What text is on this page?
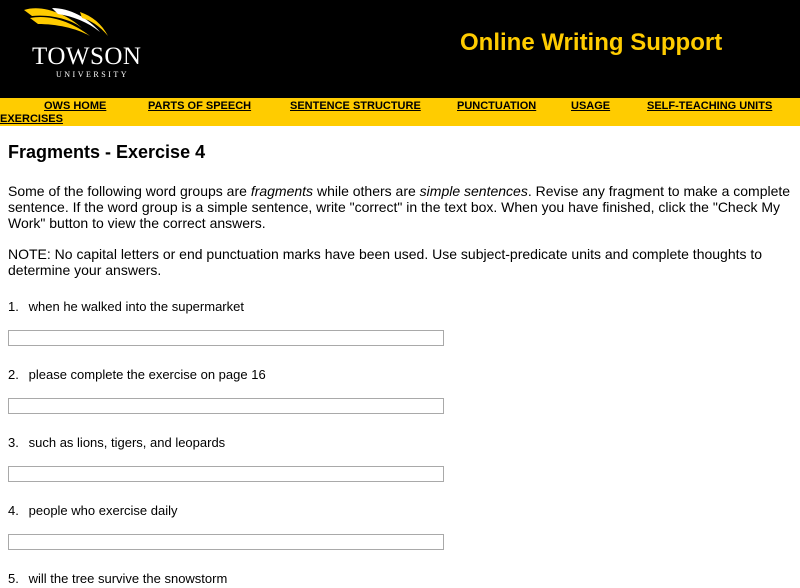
TOWSON
UNIVERSITY
Online Writing Support
OWS HOME	PARTS OF SPEECH	SENTENCE STRUCTURE	PUNCTUATION	USAGE	SELF-TEACHING UNITS
EXERCISES
Fragments - Exercise 4

Some of the following word groups are fragments while others are simple sentences. Revise any fragment to make a complete sentence. If the word group is a simple sentence, write "correct" in the text box. When you have finished, click the "Check My Work" button to view the correct answers.

NOTE: No capital letters or end punctuation marks have been used. Use subject-predicate units and complete thoughts to determine your answers.

1. when he walked into the supermarket
2. please complete the exercise on page 16
3. such as lions, tigers, and leopards
4. people who exercise daily
5. will the tree survive the snowstorm
